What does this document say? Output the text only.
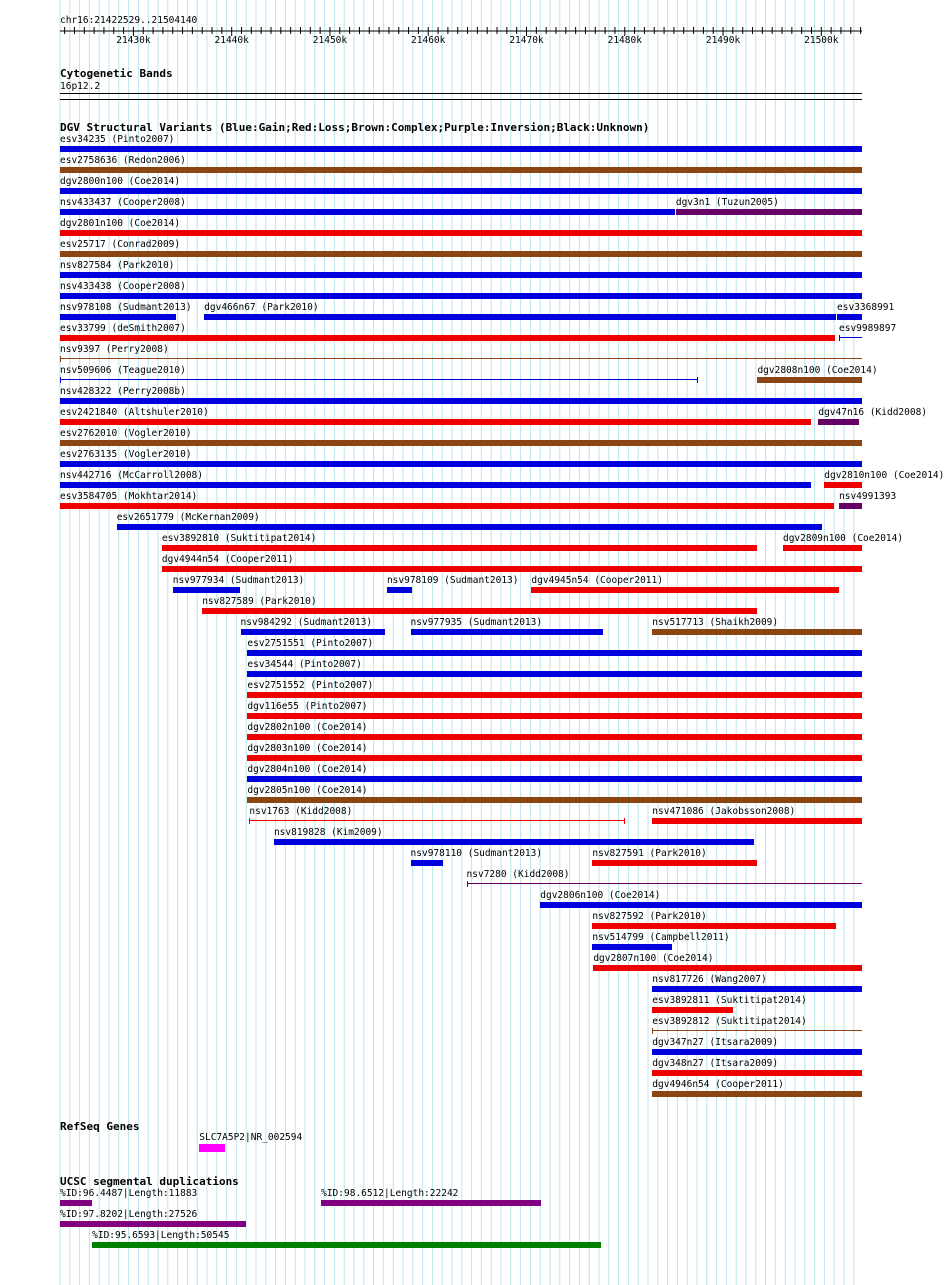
chr16:21422529..21504140
21430k	21440k	21450k	21460k	21470k	21480k	21490k	21500k
Cytogenetic Bands
16p12.2
DGV Structural Variants (Blue:Gain;Red:Loss;Brown:Complex;Purple:Inversion;Black:Unknown)
RefSeq Genes
UCSC segmental duplications
esv34235 (Pinto2007)
esv2758636 (Redon2006)
dgv2800n100 (Coe2014)
nsv433437 (Cooper2008)	dgv3n1 (Tuzun2005)
dgv2801n100 (Coe2014)
esv25717 (Conrad2009)
nsv827584 (Park2010)
nsv433438 (Cooper2008)
nsv978108 (Sudmant2013) dgv466n67 (Park2010)	esv3368991
esv33799 (deSmith2007)	esv9989897
nsv9397 (Perry2008)
nsv509606 (Teague2010)	dgv2808n100 (Coe2014)
nsv428322 (Perry2008b)
esv2421840 (Altshuler2010)	dgv47n16 (Kidd2008)
esv2762010 (Vogler2010)
esv2763135 (Vogler2010)
nsv442716 (McCarroll2008)	dgv2810n100 (Coe2014)
esv3584705 (Mokhtar2014)	nsv4991393
esv2651779 (McKernan2009)
esv3892810 (Suktitipat2014)	dgv2809n100 (Coe2014)
dgv4944n54 (Cooper2011)
nsv977934 (Sudmant2013)	nsv978109 (Sudmant2013) dgv4945n54 (Cooper2011)
nsv827589 (Park2010)
nsv984292 (Sudmant2013)	nsv977935 (Sudmant2013)	nsv517713 (Shaikh2009)
esv2751551 (Pinto2007)
esv34544 (Pinto2007)
esv2751552 (Pinto2007)
dgv116e55 (Pinto2007)
dgv2802n100 (Coe2014)
dgv2803n100 (Coe2014)
dgv2804n100 (Coe2014)
dgv2805n100 (Coe2014)
nsv1763 (Kidd2008)	nsv471086 (Jakobsson2008)
nsv819828 (Kim2009)
nsv978110 (Sudmant2013)	nsv827591 (Park2010)
nsv7280 (Kidd2008)
dgv2806n100 (Coe2014)
nsv827592 (Park2010)
nsv514799 (Campbell2011)
dgv2807n100 (Coe2014)
nsv817726 (Wang2007)
esv3892811 (Suktitipat2014)
esv3892812 (Suktitipat2014)
dgv347n27 (Itsara2009)
dgv348n27 (Itsara2009)
dgv4946n54 (Cooper2011)
SLC7A5P2|NR_002594
%ID:96.4487|Length:11883	%ID:98.6512|Length:22242
%ID:97.8202|Length:27526
%ID:95.6593|Length:50545
